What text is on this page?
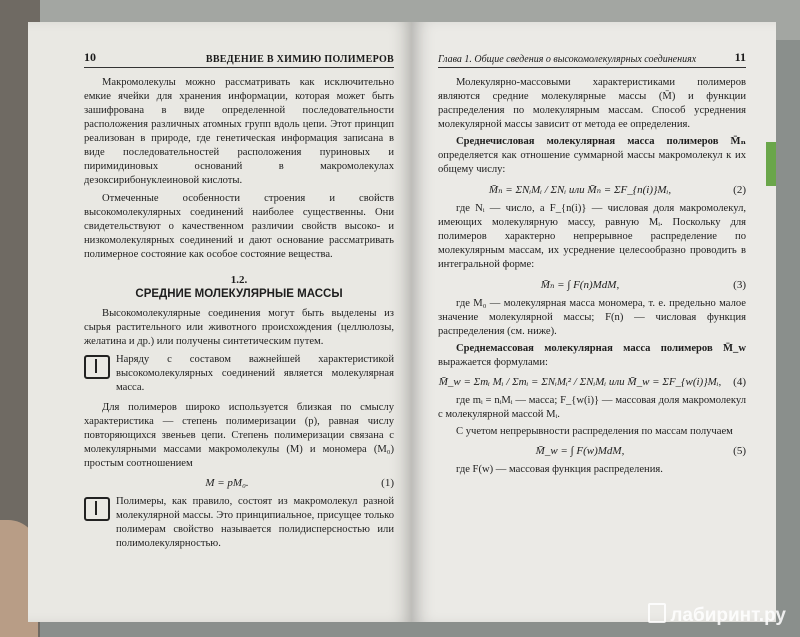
10	ВВЕДЕНИЕ В ХИМИЮ ПОЛИМЕРОВ

Макромолекулы можно рассматривать как исключительно емкие ячейки для хранения информации, которая может быть зашифрована в виде определенной последовательности расположения различных атомных групп вдоль цепи. Этот принцип реализован в природе, где генетическая информация записана в виде последовательностей расположения пуриновых и пиримидиновых оснований в макромолекулах дезоксирибонуклеиновой кислоты.

Отмеченные особенности строения и свойств высокомолекулярных соединений наиболее существенны. Они свидетельствуют о качественном различии свойств высоко- и низкомолекулярных соединений и дают основание рассматривать полимерное состояние как особое состояние вещества.

1.2.
СРЕДНИЕ МОЛЕКУЛЯРНЫЕ МАССЫ

Высокомолекулярные соединения могут быть выделены из сырья растительного или животного происхождения (целлюлозы, желатина и др.) или получены синтетическим путем.

Наряду с составом важнейшей характеристикой высокомолекулярных соединений является молекулярная масса.

Для полимеров широко используется близкая по смыслу характеристика — степень полимеризации (p), равная числу повторяющихся звеньев цепи. Степень полимеризации связана с молекулярными массами макромолекулы (M) и мономера (M₀) простым соотношением

M = pM₀.	(1)

Полимеры, как правило, состоят из макромолекул разной молекулярной массы. Это принципиальное, присущее только полимерам свойство называется полидисперсностью или полимолекулярностью.

Глава 1. Общие сведения о высокомолекулярных соединениях	11

Молекулярно-массовыми характеристиками полимеров являются средние молекулярные массы (M̄) и функции распределения по молекулярным массам. Способ усреднения молекулярной массы зависит от метода ее определения.

Среднечисловая молекулярная масса полимеров M̄ₙ определяется как отношение суммарной массы макромолекул к их общему числу:

M̄ₙ = ΣNᵢMᵢ / ΣNᵢ или M̄ₙ = ΣF_{n(i)}Mᵢ,	(2)

где Nᵢ — число, а F_{n(i)} — числовая доля макромолекул, имеющих молекулярную массу, равную Mᵢ. Поскольку для полимеров характерно непрерывное распределение по молекулярным массам, их усреднение целесообразно проводить в интегральной форме:

M̄ₙ = ∫ F(n)MdM,	(3)

где M₀ — молекулярная масса мономера, т. е. предельно малое значение молекулярной массы; F(n) — числовая функция распределения (см. ниже).

Среднемассовая молекулярная масса полимеров M̄_w выражается формулами:

M̄_w = Σmᵢ Mᵢ / Σmᵢ = ΣNᵢMᵢ² / ΣNᵢMᵢ или M̄_w = ΣF_{w(i)}Mᵢ,	(4)

где mᵢ = nᵢMᵢ — масса; F_{w(i)} — массовая доля макромолекул с молекулярной массой Mᵢ.

С учетом непрерывности распределения по массам получаем

M̄_w = ∫ F(w)MdM,	(5)

где F(w) — массовая функция распределения.

лабиринт.ру
